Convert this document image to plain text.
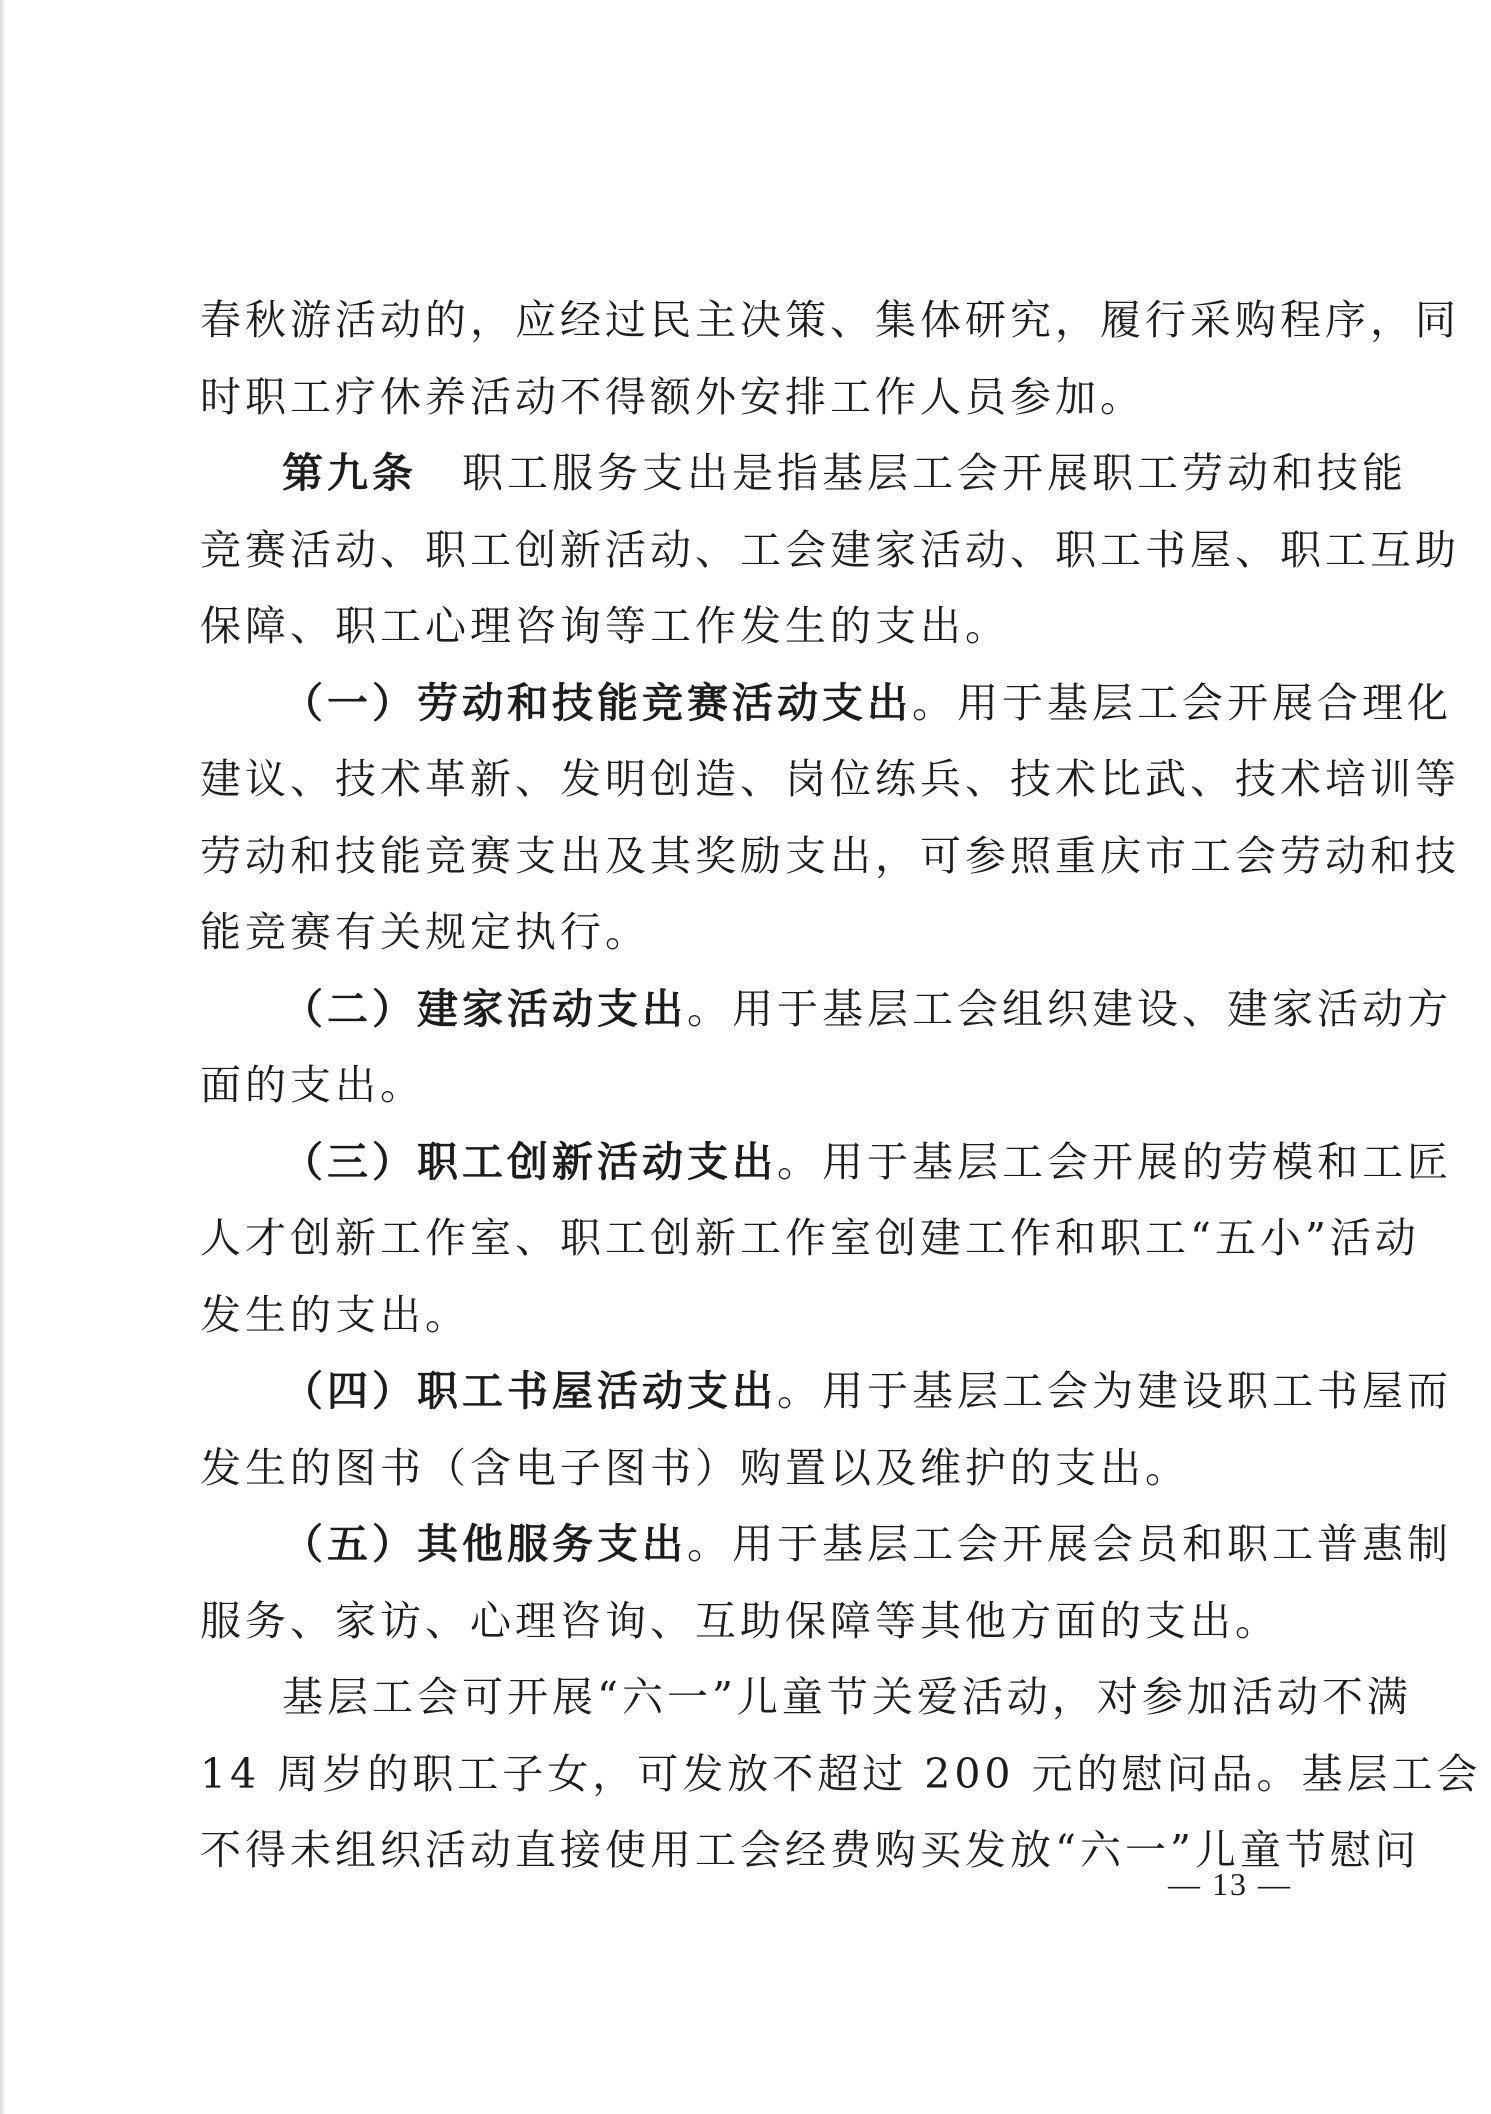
春秋游活动的，应经过民主决策、集体研究，履行采购程序，同
时职工疗休养活动不得额外安排工作人员参加。
第九条　职工服务支出是指基层工会开展职工劳动和技能
竞赛活动、职工创新活动、工会建家活动、职工书屋、职工互助
保障、职工心理咨询等工作发生的支出。
（一）劳动和技能竞赛活动支出。用于基层工会开展合理化
建议、技术革新、发明创造、岗位练兵、技术比武、技术培训等
劳动和技能竞赛支出及其奖励支出，可参照重庆市工会劳动和技
能竞赛有关规定执行。
（二）建家活动支出。用于基层工会组织建设、建家活动方
面的支出。
（三）职工创新活动支出。用于基层工会开展的劳模和工匠
人才创新工作室、职工创新工作室创建工作和职工“五小”活动
发生的支出。
（四）职工书屋活动支出。用于基层工会为建设职工书屋而
发生的图书（含电子图书）购置以及维护的支出。
（五）其他服务支出。用于基层工会开展会员和职工普惠制
服务、家访、心理咨询、互助保障等其他方面的支出。
基层工会可开展“六一”儿童节关爱活动，对参加活动不满
14 周岁的职工子女，可发放不超过 200 元的慰问品。基层工会
不得未组织活动直接使用工会经费购买发放“六一”儿童节慰问
— 13 —
